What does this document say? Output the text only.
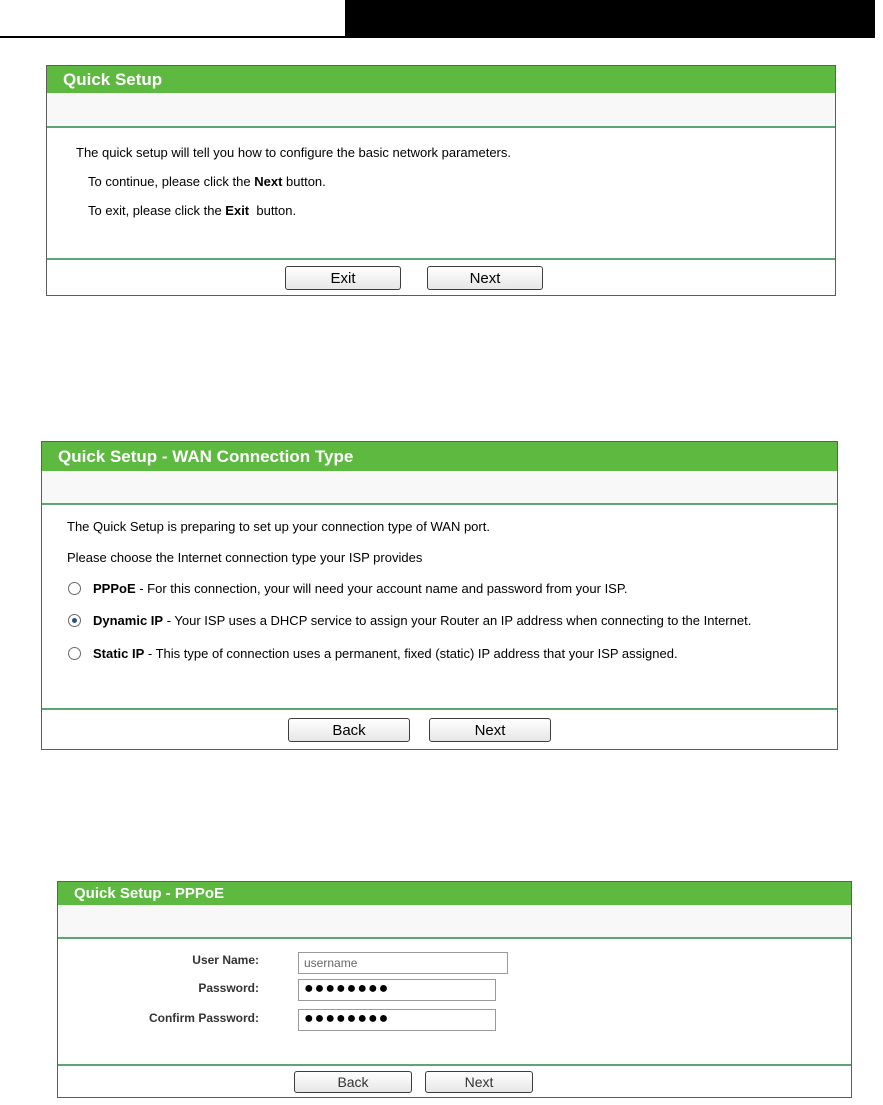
Quick Setup
The quick setup will tell you how to configure the basic network parameters.
To continue, please click the Next button.
To exit, please click the Exit  button.
Exit	Next
Quick Setup - WAN Connection Type
The Quick Setup is preparing to set up your connection type of WAN port.
Please choose the Internet connection type your ISP provides
PPPoE - For this connection, your will need your account name and password from your ISP.
Dynamic IP - Your ISP uses a DHCP service to assign your Router an IP address when connecting to the Internet.
Static IP - This type of connection uses a permanent, fixed (static) IP address that your ISP assigned.
Back	Next
Quick Setup - PPPoE
User Name:	username
Password:	●●●●●●●●
Confirm Password:	●●●●●●●●
Back	Next
